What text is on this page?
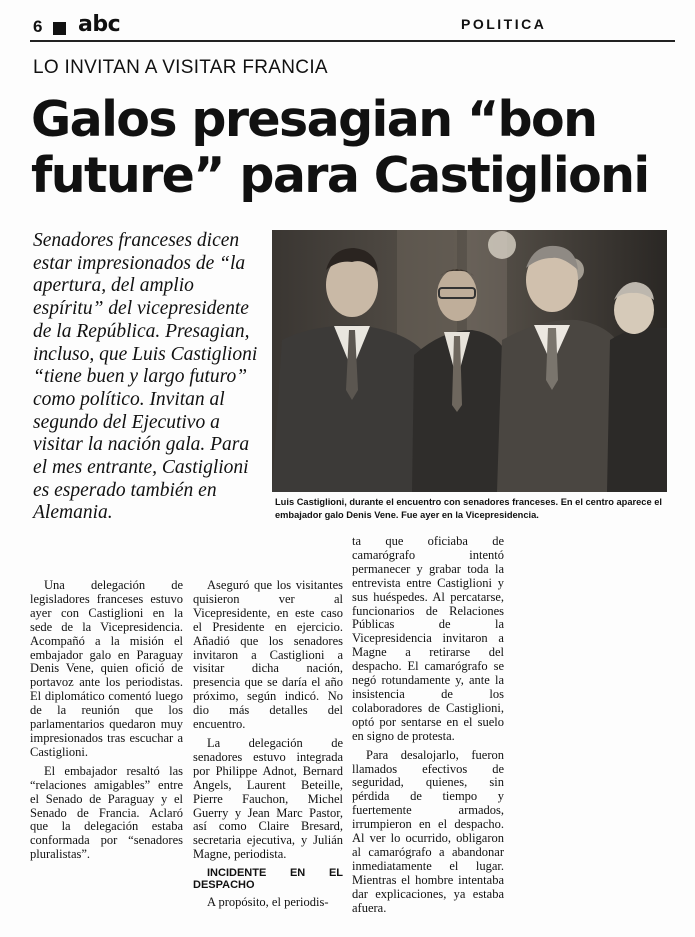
6 abc	POLITICA
LO INVITAN A VISITAR FRANCIA
Galos presagian “bon
future” para Castiglioni

Senadores franceses dicen estar impresionados de “la apertura, del amplio espíritu” del vicepresidente de la República. Presagian, incluso, que Luis Castiglioni “tiene buen y largo futuro” como político. Invitan al segundo del Ejecutivo a visitar la nación gala. Para el mes entrante, Castiglioni es esperado también en Alemania.

Luis Castiglioni, durante el encuentro con senadores franceses. En el centro aparece el embajador galo Denis Vene. Fue ayer en la Vicepresidencia.

Una delegación de legisladores franceses estuvo ayer con Castiglioni en la sede de la Vicepresidencia. Acompañó a la misión el embajador galo en Paraguay Denis Vene, quien ofició de portavoz ante los periodistas. El diplomático comentó luego de la reunión que los parlamentarios quedaron muy impresionados tras escuchar a Castiglioni.

El embajador resaltó las “relaciones amigables” entre el Senado de Paraguay y el Senado de Francia. Aclaró que la delegación estaba conformada por “senadores pluralistas”.

Aseguró que los visitantes quisieron ver al Vicepresidente, en este caso el Presidente en ejercicio. Añadió que los senadores invitaron a Castiglioni a visitar dicha nación, presencia que se daría el año próximo, según indicó. No dio más detalles del encuentro.

La delegación de senadores estuvo integrada por Philippe Adnot, Bernard Angels, Laurent Beteille, Pierre Fauchon, Michel Guerry y Jean Marc Pastor, así como Claire Bresard, secretaria ejecutiva, y Julián Magne, periodista.

INCIDENTE EN EL DESPACHO

A propósito, el periodis-

ta que oficiaba de camarógrafo intentó permanecer y grabar toda la entrevista entre Castiglioni y sus huéspedes. Al percatarse, funcionarios de Relaciones Públicas de la Vicepresidencia invitaron a Magne a retirarse del despacho. El camarógrafo se negó rotundamente y, ante la insistencia de los colaboradores de Castiglioni, optó por sentarse en el suelo en signo de protesta.

Para desalojarlo, fueron llamados efectivos de seguridad, quienes, sin pérdida de tiempo y fuertemente armados, irrumpieron en el despacho. Al ver lo ocurrido, obligaron al camarógrafo a abandonar inmediatamente el lugar. Mientras el hombre intentaba dar explicaciones, ya estaba afuera.
